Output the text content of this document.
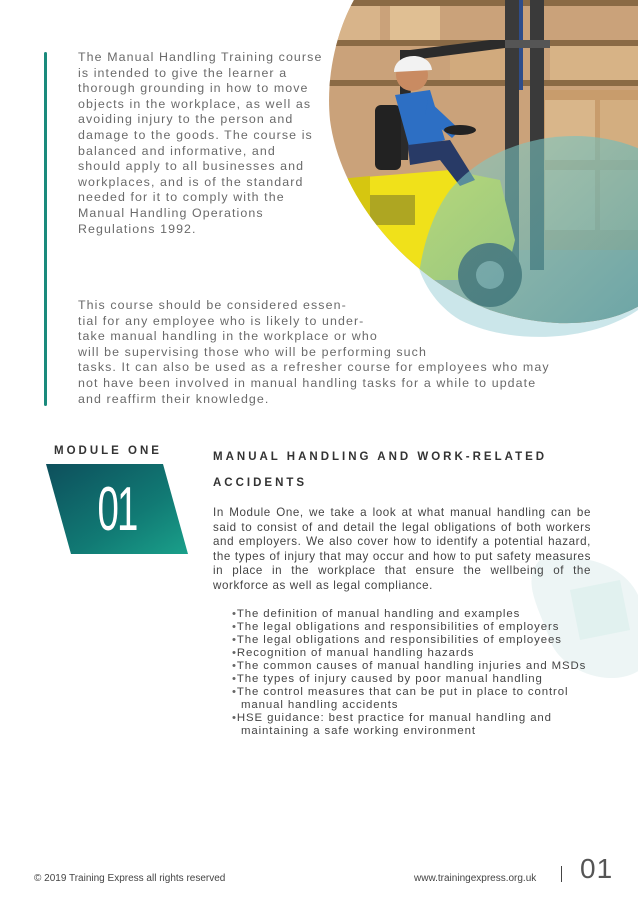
The Manual Handling Training course is intended to give the learner a thorough grounding in how to move objects in the workplace, as well as avoiding injury to the person and damage to the goods. The course is balanced and informative, and should apply to all businesses and workplaces, and is of the standard needed for it to comply with the Manual Handling Operations Regulations 1992.

This course should be considered essen-
tial for any employee who is likely to under-
take manual handling in the workplace or who
will be supervising those who will be performing such
tasks. It can also be used as a refresher course for employees who may
not have been involved in manual handling tasks for a while to update
and reaffirm their knowledge.

MODULE ONE
01

MANUAL HANDLING AND WORK-RELATED ACCIDENTS

In Module One, we take a look at what manual handling can be said to consist of and detail the legal obligations of both workers and employers. We also cover how to identify a potential hazard, the types of injury that may occur and how to put safety measures in place in the workplace that ensure the wellbeing of the workforce as well as legal compliance.

• The definition of manual handling and examples
• The legal obligations and responsibilities of employers
• The legal obligations and responsibilities of employees
• Recognition of manual handling hazards
• The common causes of manual handling injuries and MSDs
• The types of injury caused by poor manual handling
• The control measures that can be put in place to control manual handling accidents
• HSE guidance: best practice for manual handling and maintaining a safe working environment
© 2019 Training Express all rights reserved	www.trainingexpress.org.uk 01
